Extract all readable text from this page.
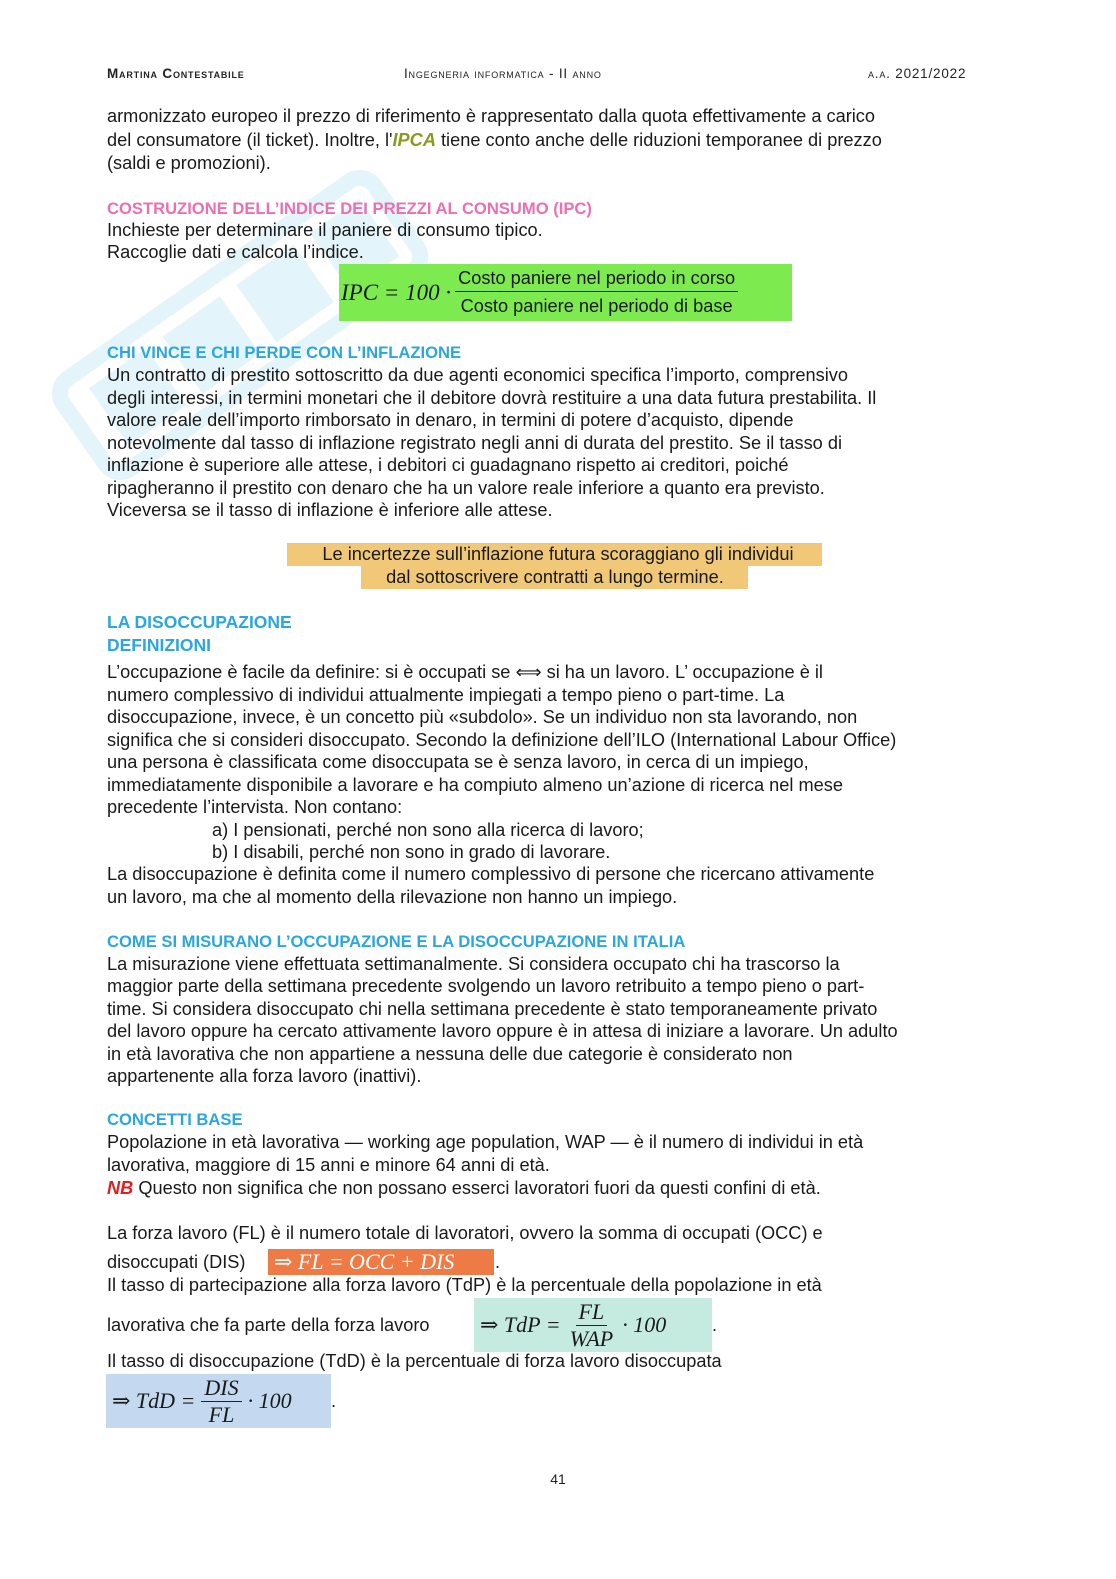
Martina Contestabile	Ingegneria informatica - II anno	a.a. 2021/2022
armonizzato europeo il prezzo di riferimento è rappresentato dalla quota effettivamente a carico
del consumatore (il ticket). Inoltre, l'IPCA tiene conto anche delle riduzioni temporanee di prezzo
(saldi e promozioni).
COSTRUZIONE DELL’INDICE DEI PREZZI AL CONSUMO (IPC)
Inchieste per determinare il paniere di consumo tipico.
Raccoglie dati e calcola l’indice.
IPC = $100 \cdot \frac{\text{Costo paniere nel periodo in corso}}{\text{Costo paniere nel periodo di base}}$
CHI VINCE E CHI PERDE CON L’INFLAZIONE
Un contratto di prestito sottoscritto da due agenti economici specifica l’importo, comprensivo
degli interessi, in termini monetari che il debitore dovrà restituire a una data futura prestabilita. Il
valore reale dell’importo rimborsato in denaro, in termini di potere d’acquisto, dipende
notevolmente dal tasso di inflazione registrato negli anni di durata del prestito. Se il tasso di
inflazione è superiore alle attese, i debitori ci guadagnano rispetto ai creditori, poiché
ripagheranno il prestito con denaro che ha un valore reale inferiore a quanto era previsto.
Viceversa se il tasso di inflazione è inferiore alle attese.
Le incertezze sull’inflazione futura scoraggiano gli individui
dal sottoscrivere contratti a lungo termine.
LA DISOCCUPAZIONE
DEFINIZIONI
L’occupazione è facile da definire: si è occupati se ⟺ si ha un lavoro. L’ occupazione è il
numero complessivo di individui attualmente impiegati a tempo pieno o part-time. La
disoccupazione, invece, è un concetto più «subdolo». Se un individuo non sta lavorando, non
significa che si consideri disoccupato. Secondo la definizione dell’ILO (International Labour Office)
una persona è classificata come disoccupata se è senza lavoro, in cerca di un impiego,
immediatamente disponibile a lavorare e ha compiuto almeno un’azione di ricerca nel mese
precedente l’intervista. Non contano:
a) I pensionati, perché non sono alla ricerca di lavoro;
b) I disabili, perché non sono in grado di lavorare.
La disoccupazione è definita come il numero complessivo di persone che ricercano attivamente
un lavoro, ma che al momento della rilevazione non hanno un impiego.
COME SI MISURANO L’OCCUPAZIONE E LA DISOCCUPAZIONE IN ITALIA
La misurazione viene effettuata settimanalmente. Si considera occupato chi ha trascorso la
maggior parte della settimana precedente svolgendo un lavoro retribuito a tempo pieno o part-
time. Si considera disoccupato chi nella settimana precedente è stato temporaneamente privato
del lavoro oppure ha cercato attivamente lavoro oppure è in attesa di iniziare a lavorare. Un adulto
in età lavorativa che non appartiene a nessuna delle due categorie è considerato non
appartenente alla forza lavoro (inattivi).
CONCETTI BASE
Popolazione in età lavorativa — working age population, WAP — è il numero di individui in età
lavorativa, maggiore di 15 anni e minore 64 anni di età.
NB Questo non significa che non possano esserci lavoratori fuori da questi confini di età.
La forza lavoro (FL) è il numero totale di lavoratori, ovvero la somma di occupati (OCC) e
disoccupati (DIS) ⇒ FL = OCC + DIS .
Il tasso di partecipazione alla forza lavoro (TdP) è la percentuale della popolazione in età
lavorativa che fa parte della forza lavoro ⇒ TdP = $\frac{FL}{\text{WAP}} \cdot 100$	.
Il tasso di disoccupazione (TdD) è la percentuale di forza lavoro disoccupata
⇒ TdD = $\frac{\text{DIS}}{FL} \cdot 100$ .
41
